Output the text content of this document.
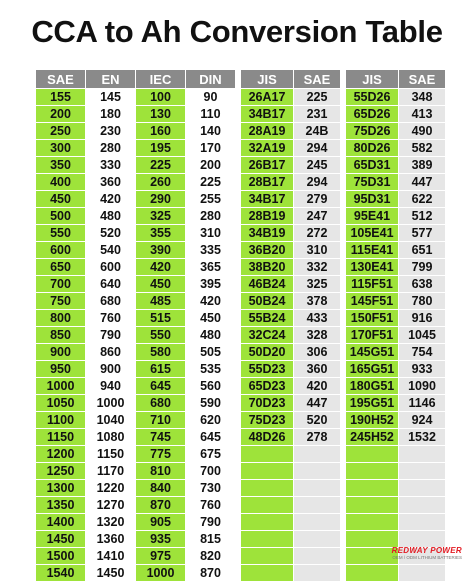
CCA to Ah Conversion Table
SAE	EN	IEC	DIN
155	145	100	90
200	180	130	110
250	230	160	140
300	280	195	170
350	330	225	200
400	360	260	225
450	420	290	255
500	480	325	280
550	520	355	310
600	540	390	335
650	600	420	365
700	640	450	395
750	680	485	420
800	760	515	450
850	790	550	480
900	860	580	505
950	900	615	535
1000	940	645	560
1050	1000	680	590
1100	1040	710	620
1150	1080	745	645
1200	1150	775	675
1250	1170	810	700
1300	1220	840	730
1350	1270	870	760
1400	1320	905	790
1450	1360	935	815
1500	1410	975	820
1540	1450	1000	870
JIS	SAE
26A17	225
34B17	231
28A19	24B
32A19	294
26B17	245
28B17	294
34B17	279
28B19	247
34B19	272
36B20	310
38B20	332
46B24	325
50B24	378
55B24	433
32C24	328
50D20	306
55D23	360
65D23	420
70D23	447
75D23	520
48D26	278

JIS	SAE
55D26	348
65D26	413
75D26	490
80D26	582
65D31	389
75D31	447
95D31	622
95E41	512
105E41	577
115E41	651
130E41	799
115F51	638
145F51	780
150F51	916
170F51	1045
145G51	754
165G51	933
180G51	1090
195G51	1146
190H52	924
245H52	1532

REDWAY POWER
OEM / ODM LITHIUM BATTERIES
